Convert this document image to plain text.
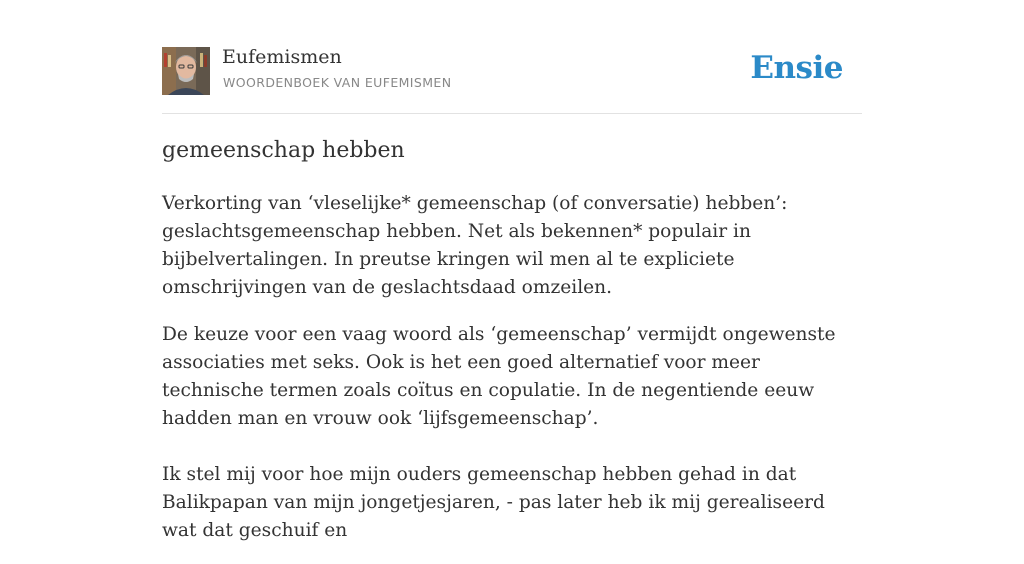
Eufemismen
WOORDENBOEK VAN EUFEMISMEN	Ensie
gemeenschap hebben

Verkorting van ‘vleselijke* gemeenschap (of conversatie) hebben’: geslachtsgemeenschap hebben. Net als bekennen* populair in bijbelvertalingen. In preutse kringen wil men al te expliciete omschrijvingen van de geslachtsdaad omzeilen.

De keuze voor een vaag woord als ‘gemeenschap’ vermijdt ongewenste associaties met seks. Ook is het een goed alternatief voor meer technische termen zoals coïtus en copulatie. In de negentiende eeuw hadden man en vrouw ook ‘lijfsgemeenschap’.

Ik stel mij voor hoe mijn ouders gemeenschap hebben gehad in dat Balikpapan van mijn jongetjesjaren, - pas later heb ik mij gerealiseerd wat dat geschuif en
